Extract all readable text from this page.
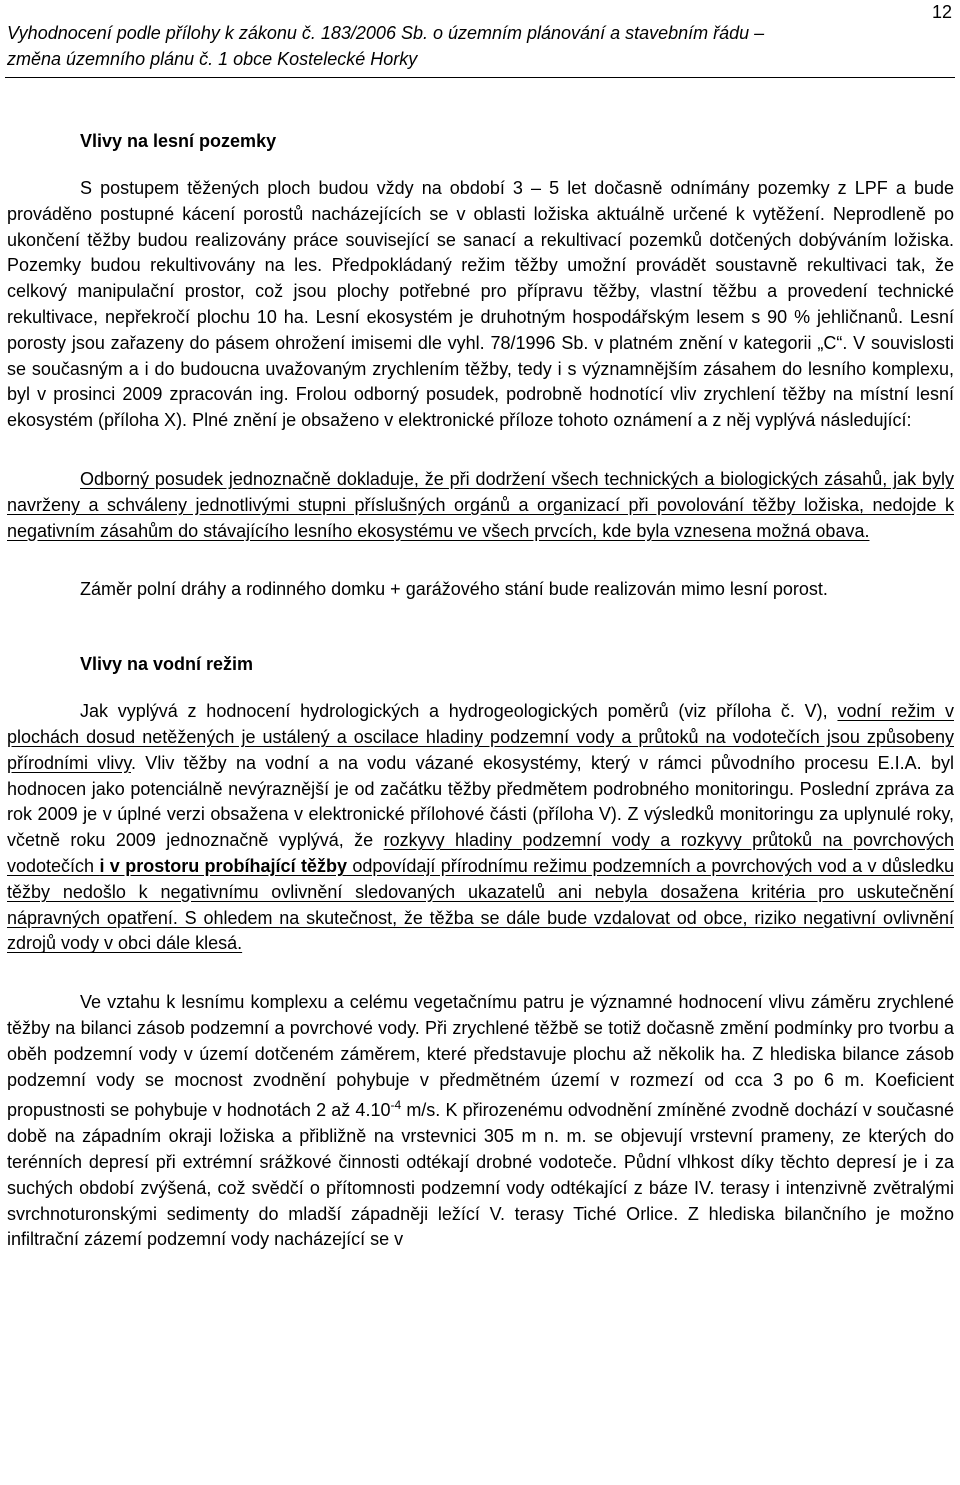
12
Vyhodnocení podle přílohy k zákonu č. 183/2006 Sb. o územním plánování a stavebním řádu –
změna územního plánu č. 1 obce Kostelecké Horky
Vlivy na lesní pozemky

S postupem těžených ploch budou vždy na období 3 – 5 let dočasně odnímány pozemky z LPF a bude prováděno postupné kácení porostů nacházejících se v oblasti ložiska aktuálně určené k vytěžení. Neprodleně po ukončení těžby budou realizovány práce související se sanací a rekultivací pozemků dotčených dobýváním ložiska. Pozemky budou rekultivovány na les. Předpokládaný režim těžby umožní provádět soustavně rekultivaci tak, že celkový manipulační prostor, což jsou plochy potřebné pro přípravu těžby, vlastní těžbu a provedení technické rekultivace, nepřekročí plochu 10 ha. Lesní ekosystém je druhotným hospodářským lesem s 90 % jehličnanů. Lesní porosty jsou zařazeny do pásem ohrožení imisemi dle vyhl. 78/1996 Sb. v platném znění v kategorii „C“. V souvislosti se současným a i do budoucna uvažovaným zrychlením těžby, tedy i s významnějším zásahem do lesního komplexu, byl v prosinci 2009 zpracován ing. Frolou odborný posudek, podrobně hodnotící vliv zrychlení těžby na místní lesní ekosystém (příloha X). Plné znění je obsaženo v elektronické příloze tohoto oznámení a z něj vyplývá následující:

Odborný posudek jednoznačně dokladuje, že při dodržení všech technických a biologických zásahů, jak byly navrženy a schváleny jednotlivými stupni příslušných orgánů a organizací při povolování těžby ložiska, nedojde k negativním zásahům do stávajícího lesního ekosystému ve všech prvcích, kde byla vznesena možná obava.

Záměr polní dráhy a rodinného domku + garážového stání bude realizován mimo lesní porost.

Vlivy na vodní režim

Jak vyplývá z hodnocení hydrologických a hydrogeologických poměrů (viz příloha č. V), vodní režim v plochách dosud netěžených je ustálený a oscilace hladiny podzemní vody a průtoků na vodotečích jsou způsobeny přírodními vlivy. Vliv těžby na vodní a na vodu vázané ekosystémy, který v rámci původního procesu E.I.A. byl hodnocen jako potenciálně nevýraznější je od začátku těžby předmětem podrobného monitoringu. Poslední zpráva za rok 2009 je v úplné verzi obsažena v elektronické přílohové části (příloha V). Z výsledků monitoringu za uplynulé roky, včetně roku 2009 jednoznačně vyplývá, že rozkyvy hladiny podzemní vody a rozkyvy průtoků na povrchových vodotečích i v prostoru probíhající těžby odpovídají přírodnímu režimu podzemních a povrchových vod a v důsledku těžby nedošlo k negativnímu ovlivnění sledovaných ukazatelů ani nebyla dosažena kritéria pro uskutečnění nápravných opatření. S ohledem na skutečnost, že těžba se dále bude vzdalovat od obce, riziko negativní ovlivnění zdrojů vody v obci dále klesá.

Ve vztahu k lesnímu komplexu a celému vegetačnímu patru je významné hodnocení vlivu záměru zrychlené těžby na bilanci zásob podzemní a povrchové vody. Při zrychlené těžbě se totiž dočasně změní podmínky pro tvorbu a oběh podzemní vody v území dotčeném záměrem, které představuje plochu až několik ha. Z hlediska bilance zásob podzemní vody se mocnost zvodnění pohybuje v předmětném území v rozmezí od cca 3 po 6 m. Koeficient propustnosti se pohybuje v hodnotách 2 až $4.10^{-4}$ m/s. K přirozenému odvodnění zmíněné zvodně dochází v současné době na západním okraji ložiska a přibližně na vrstevnici 305 m n. m. se objevují vrstevní prameny, ze kterých do terénních depresí při extrémní srážkové činnosti odtékají drobné vodoteče. Půdní vlhkost díky těchto depresí je i za suchých období zvýšená, což svědčí o přítomnosti podzemní vody odtékající z báze IV. terasy i intenzivně zvětralými svrchnoturonskými sedimenty do mladší západněji ležící V. terasy Tiché Orlice. Z hlediska bilančního je možno infiltrační zázemí podzemní vody nacházející se v
